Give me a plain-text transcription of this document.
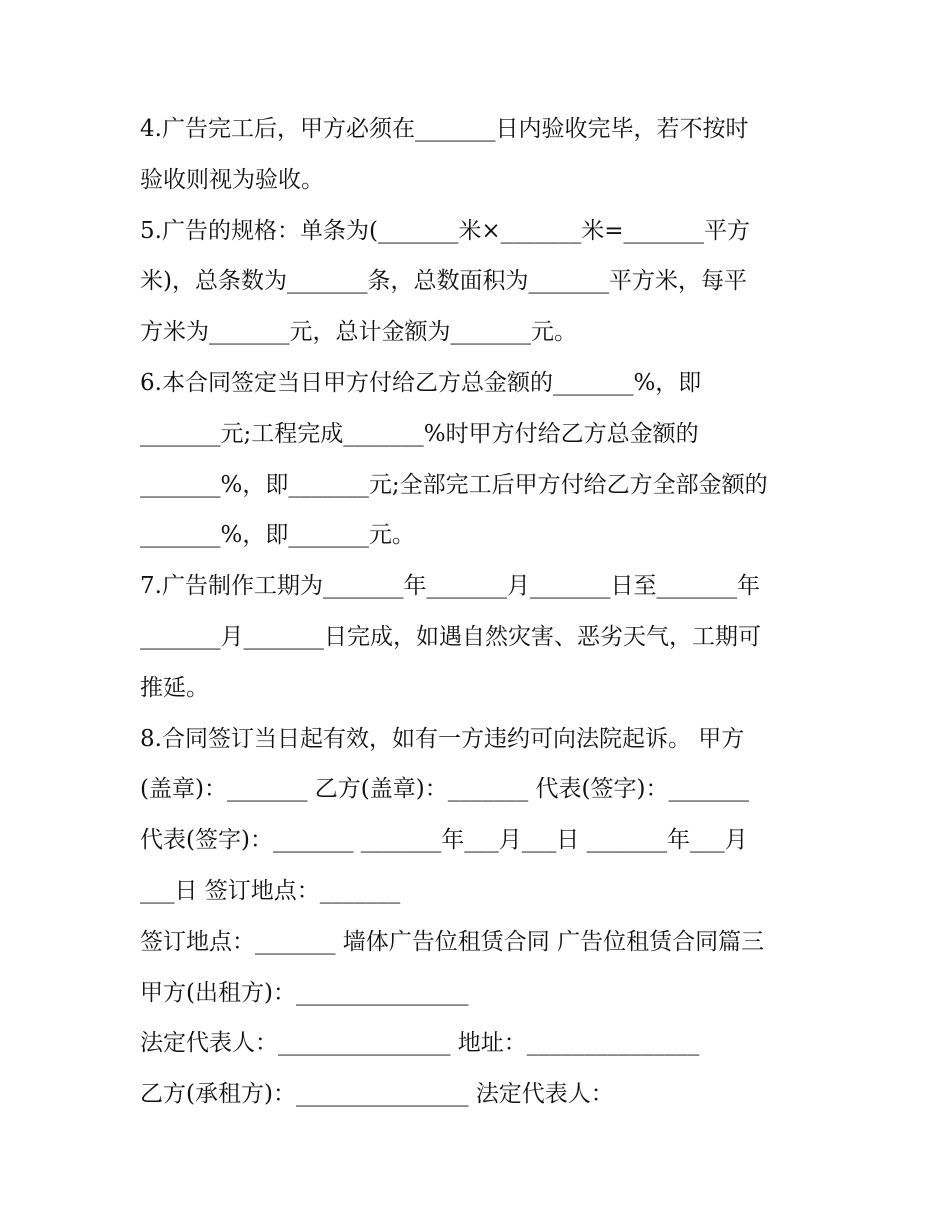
4.广告完工后，甲方必须在_______日内验收完毕，若不按时
验收则视为验收。
5.广告的规格：单条为(_______米×_______米=_______平方
米)，总条数为_______条，总数面积为_______平方米，每平
方米为_______元，总计金额为_______元。
6.本合同签定当日甲方付给乙方总金额的_______%，即
_______元;工程完成_______%时甲方付给乙方总金额的
_______%，即_______元;全部完工后甲方付给乙方全部金额的
_______%，即_______元。
7.广告制作工期为_______年_______月_______日至_______年
_______月_______日完成，如遇自然灾害、恶劣天气，工期可
推延。
8.合同签订当日起有效，如有一方违约可向法院起诉。 甲方
(盖章)：_______ 乙方(盖章)：_______ 代表(签字)：_______
代表(签字)：_______ _______年___月___日 _______年___月
___日 签订地点：_______
签订地点：_______ 墙体广告位租赁合同 广告位租赁合同篇三
甲方(出租方)：_______________
法定代表人：_______________ 地址：_______________
乙方(承租方)：_______________ 法定代表人：
